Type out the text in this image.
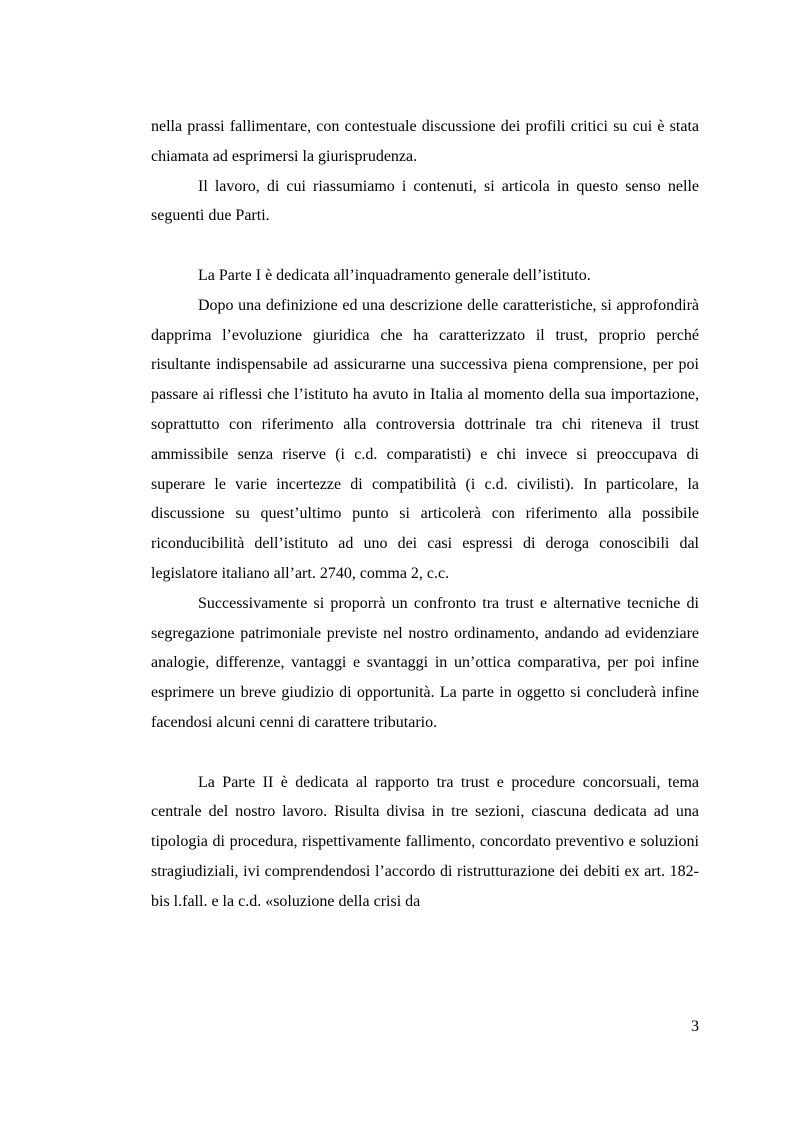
nella prassi fallimentare, con contestuale discussione dei profili critici su cui è stata chiamata ad esprimersi la giurisprudenza.

Il lavoro, di cui riassumiamo i contenuti, si articola in questo senso nelle seguenti due Parti.

La Parte I è dedicata all’inquadramento generale dell’istituto.

Dopo una definizione ed una descrizione delle caratteristiche, si approfondirà dapprima l’evoluzione giuridica che ha caratterizzato il trust, proprio perché risultante indispensabile ad assicurarne una successiva piena comprensione, per poi passare ai riflessi che l’istituto ha avuto in Italia al momento della sua importazione, soprattutto con riferimento alla controversia dottrinale tra chi riteneva il trust ammissibile senza riserve (i c.d. comparatisti) e chi invece si preoccupava di superare le varie incertezze di compatibilità (i c.d. civilisti). In particolare, la discussione su quest’ultimo punto si articolerà con riferimento alla possibile riconducibilità dell’istituto ad uno dei casi espressi di deroga conoscibili dal legislatore italiano all’art. 2740, comma 2, c.c.

Successivamente si proporrà un confronto tra trust e alternative tecniche di segregazione patrimoniale previste nel nostro ordinamento, andando ad evidenziare analogie, differenze, vantaggi e svantaggi in un’ottica comparativa, per poi infine esprimere un breve giudizio di opportunità. La parte in oggetto si concluderà infine facendosi alcuni cenni di carattere tributario.

La Parte II è dedicata al rapporto tra trust e procedure concorsuali, tema centrale del nostro lavoro. Risulta divisa in tre sezioni, ciascuna dedicata ad una tipologia di procedura, rispettivamente fallimento, concordato preventivo e soluzioni stragiudiziali, ivi comprendendosi l’accordo di ristrutturazione dei debiti ex art. 182-bis l.fall. e la c.d. «soluzione della crisi da

3
